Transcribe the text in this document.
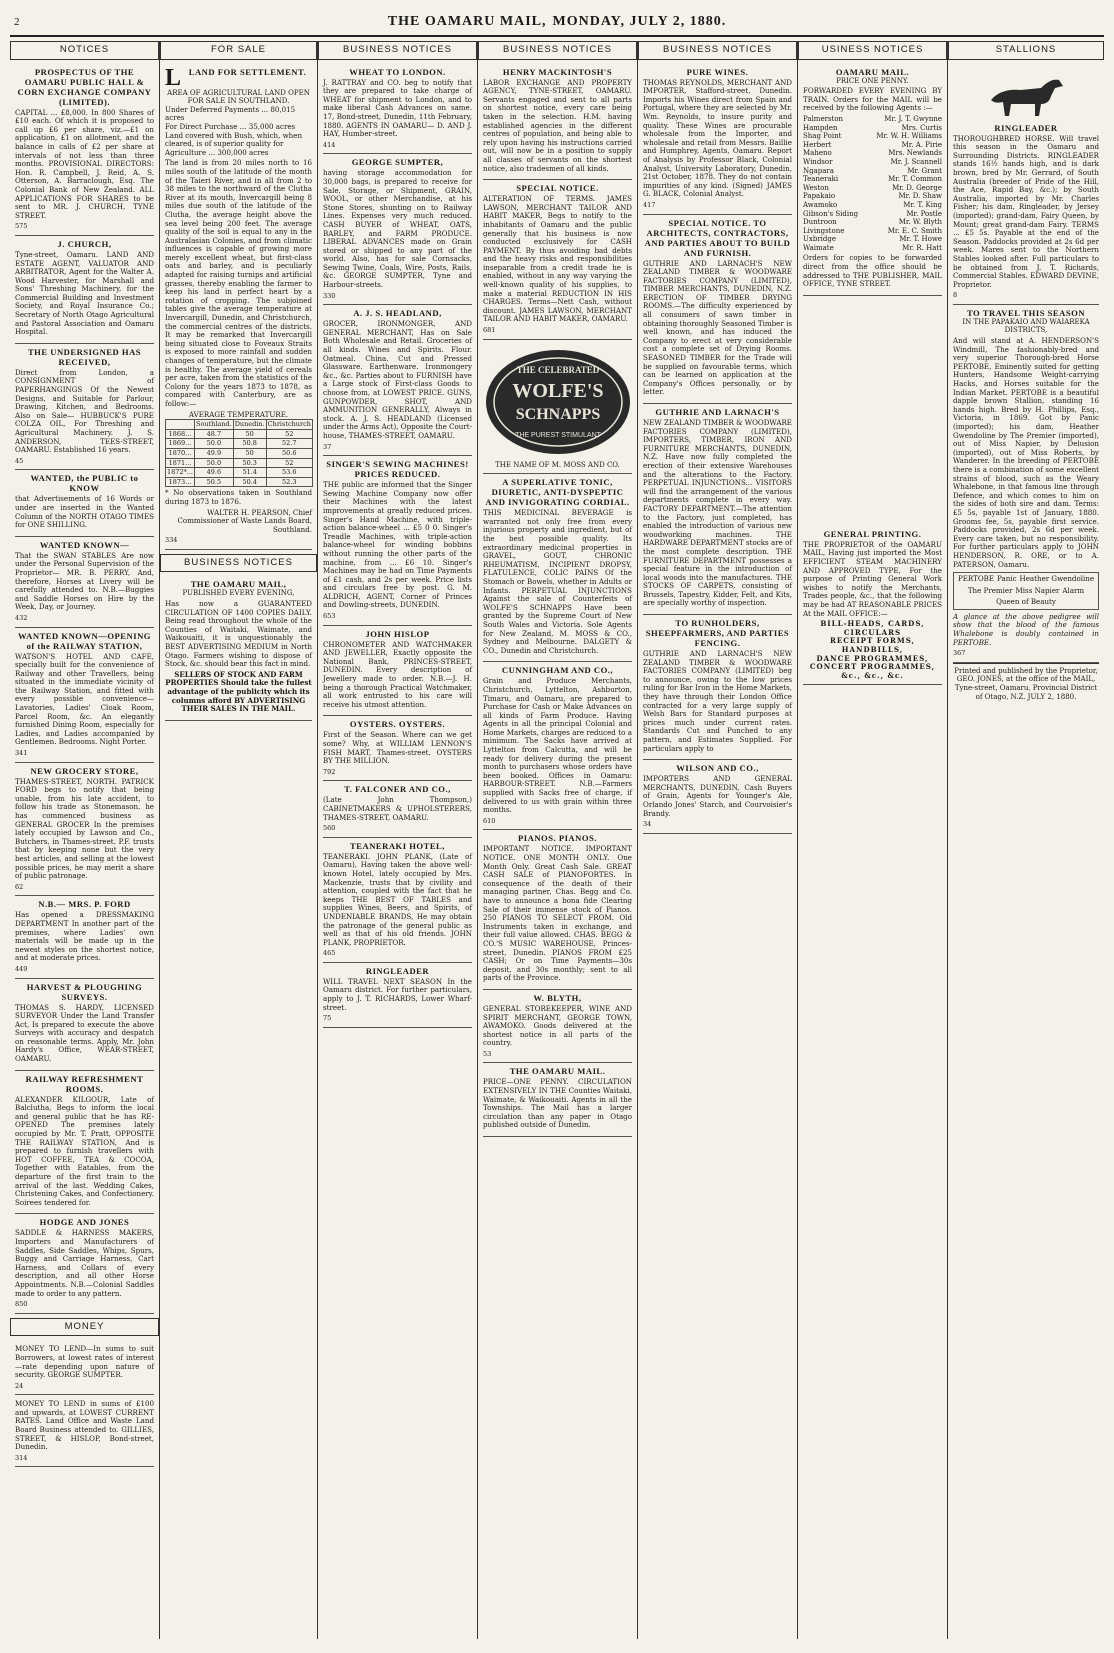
2	THE OAMARU MAIL, MONDAY, JULY 2, 1880.
NOTICES
PROSPECTUS OF THE OAMARU PUBLIC HALL & CORN EXCHANGE COMPANY (LIMITED).

CAPITAL ... £8,000. In 800 Shares of £10 each. Of which it is proposed to call up £6 per share, viz.—£1 on application, £1 on allotment, and the balance in calls of £2 per share at intervals of not less than three months. PROVISIONAL DIRECTORS: Hon. R. Campbell, J. Reid, A. S. Otterson, A. Barraclough, Esq. The Colonial Bank of New Zealand. ALL APPLICATIONS FOR SHARES to be sent to MR. J. CHURCH, TYNE STREET.

575
J. CHURCH,

Tyne-street, Oamaru. LAND AND ESTATE AGENT, VALUATOR AND ARBITRATOR, Agent for the Walter A. Wood Harvester, for Marshall and Sons' Threshing Machinery, for the Commercial Building and Investment Society, and Royal Insurance Co.; Secretary of North Otago Agricultural and Pastoral Association and Oamaru Hospital.

THE UNDERSIGNED HAS RECEIVED,

Direct from London, a CONSIGNMENT of PAPERHANGINGS Of the Newest Designs, and Suitable for Parlour, Drawing, Kitchen, and Bedrooms. Also on Sale— HUBBUCK'S PURE COLZA OIL, For Threshing and Agricultural Machinery. J. S. ANDERSON, TEES-STREET, OAMARU. Established 16 years.

45
WANTED, the PUBLIC to KNOW

that Advertisements of 16 Words or under are inserted in the Wanted Column of the NORTH OTAGO TIMES for ONE SHILLING.

WANTED KNOWN—

That the SWAN STABLES Are now under the Personal Supervision of the Proprietor— MR. B. PERRY, And, therefore, Horses at Livery will be carefully attended to. N.B.—Buggies and Saddle Horses on Hire by the Week, Day, or Journey.

432
WANTED KNOWN—OPENING of the RAILWAY STATION,

WATSON'S HOTEL AND CAFE, specially built for the convenience of Railway and other Travellers, being situated in the immediate vicinity of the Railway Station, and fitted with every possible convenience—Lavatories, Ladies' Cloak Room, Parcel Room, &c. An elegantly furnished Dining Room, especially for Ladies, and Ladies accompanied by Gentlemen. Bedrooms. Night Porter.

341
NEW GROCERY STORE,

THAMES-STREET, NORTH. PATRICK FORD begs to notify that being unable, from his late accident, to follow his trade as Stonemason, he has commenced business as GENERAL GROCER In the premises lately occupied by Lawson and Co., Butchers, in Thames-street. P.F. trusts that by keeping none but the very best articles, and selling at the lowest possible prices, he may merit a share of public patronage.

62
N.B.— MRS. P. FORD

Has opened a DRESSMAKING DEPARTMENT In another part of the premises, where Ladies' own materials will be made up in the newest styles on the shortest notice, and at moderate prices.

449
HARVEST & PLOUGHING SURVEYS.

THOMAS S. HARDY, LICENSED SURVEYOR Under the Land Transfer Act, Is prepared to execute the above Surveys with accuracy and despatch on reasonable terms. Apply, Mr. John Hardy's Office, WEAR-STREET, OAMARU.

RAILWAY REFRESHMENT ROOMS.

ALEXANDER KILGOUR, Late of Balclutha, Begs to inform the local and general public that he has RE-OPENED The premises lately occupied by Mr. T. Pratt, OPPOSITE THE RAILWAY STATION, And is prepared to furnish travellers with HOT COFFEE, TEA & COCOA, Together with Eatables, from the departure of the first train to the arrival of the last. Wedding Cakes, Christening Cakes, and Confectionery. Soirees tendered for.

HODGE AND JONES

SADDLE & HARNESS MAKERS, Importers and Manufacturers of Saddles, Side Saddles, Whips, Spurs, Buggy and Carriage Harness, Cart Harness, and Collars of every description, and all other Horse Appointments. N.B.—Colonial Saddles made to order to any pattern.

850
MONEY

MONEY TO LEND—In sums to suit Borrowers, at lowest rates of interest—rate depending upon nature of security. GEORGE SUMPTER.

24

MONEY TO LEND in sums of £100 and upwards, at LOWEST CURRENT RATES. Land Office and Waste Land Board Business attended to. GILLIES, STREET, & HISLOP, Bond-street, Dunedin.

314
FOR SALE
L LAND FOR SETTLEMENT.
AREA OF AGRICULTURAL LAND OPEN FOR SALE IN SOUTHLAND.
Under Deferred Payments ... 80,015 acres
For Direct Purchase ... 35,000 acres
Land covered with Bush, which, when cleared, is of superior quality for Agriculture ... 300,000 acres

The land is from 20 miles north to 16 miles south of the latitude of the month of the Taieri River, and in all from 2 to 38 miles to the northward of the Clutha River at its mouth, Invercargill being 8 miles due south of the latitude of the Clutha, the average height above the sea level being 200 feet. The average quality of the soil is equal to any in the Australasian Colonies, and from climatic influences is capable of growing more merely excellent wheat, but first-class oats and barley, and is peculiarly adapted for raising turnips and artificial grasses, thereby enabling the farmer to keep his land in perfect heart by a rotation of cropping. The subjoined tables give the average temperature at Invercargill, Dunedin, and Christchurch, the commercial centres of the districts. It may be remarked that Invercargill being situated close to Foveaux Straits is exposed to more rainfall and sudden changes of temperature, but the climate is healthy. The average yield of cereals per acre, taken from the statistics of the Colony for the years 1873 to 1878, as compared with Canterbury, are as follow:—

AVERAGE TEMPERATURE.
	Southland.	Dunedin.	Christchurch
1868...	48.7	50	52
1869...	50.0	50.8	52.7
1870...	49.9	50	50.6
1871...	50.0	50.3	52
1872*...	49.6	51.4	53.6
1873...	50.5	50.4	52.3

* No observations taken in Southland during 1873 to 1876.

WALTER H. PEARSON, Chief Commissioner of Waste Lands Board, Southland.

334
BUSINESS NOTICES
THE OAMARU MAIL,
PUBLISHED EVERY EVENING,

Has now a GUARANTEED CIRCULATION OF 1400 COPIES DAILY. Being read throughout the whole of the Counties of Waitaki, Waimate, and Waikouaiti, it is unquestionably the BEST ADVERTISING MEDIUM in North Otago. Farmers wishing to dispose of Stock, &c. should bear this fact in mind.

SELLERS OF STOCK AND FARM PROPERTIES Should take the fullest advantage of the publicity which its columns afford BY ADVERTISING THEIR SALES IN THE MAIL.

BUSINESS NOTICES
WHEAT TO LONDON.

J. RATTRAY and CO. beg to notify that they are prepared to take charge of WHEAT for shipment to London, and to make liberal Cash Advances on same. 17, Bond-street, Dunedin, 11th February, 1880. AGENTS IN OAMARU— D. AND J. HAY, Humber-street.

414
GEORGE SUMPTER,

having storage accommodation for 30,000 bags, is prepared to receive for Sale, Storage, or Shipment, GRAIN, WOOL, or other Merchandise, at his Stone Stores, shunting on to Railway Lines. Expenses very much reduced. CASH BUYER of WHEAT, OATS, BARLEY, and FARM PRODUCE. LIBERAL ADVANCES made on Grain stored or shipped to any part of the world. Also, has for sale Cornsacks, Sewing Twine, Coals, Wire, Posts, Rails, &c. GEORGE SUMPTER, Tyne and Harbour-streets.

330
A. J. S. HEADLAND,

GROCER, IRONMONGER, AND GENERAL MERCHANT, Has on Sale Both Wholesale and Retail. Groceries of all kinds. Wines and Spirits. Flour. Oatmeal. China. Cut and Pressed Glassware. Earthenware. Ironmongery &c., &c. Parties about to FURNISH have a Large stock of First-class Goods to choose from, at LOWEST PRICE. GUNS, GUNPOWDER, SHOT, AND AMMUNITION GENERALLY, Always in stock. A. J. S. HEADLAND (Licensed under the Arms Act), Opposite the Court-house, THAMES-STREET, OAMARU.

37
SINGER'S SEWING MACHINES! PRICES REDUCED.

THE public are informed that the Singer Sewing Machine Company now offer their Machines with the latest improvements at greatly reduced prices. Singer's Hand Machine, with triple-action balance-wheel ... £5 0 0. Singer's Treadle Machines, with triple-action balance-wheel for winding bobbins without running the other parts of the machine, from ... £6 10. Singer's Machines may be had on Time Payments of £1 cash, and 2s per week. Price lists and circulars free by post. G. M. ALDRICH, AGENT, Corner of Princes and Dowling-streets, DUNEDIN.

653
JOHN HISLOP

CHRONOMETER AND WATCHMAKER AND JEWELLER, Exactly opposite the National Bank, PRINCES-STREET, DUNEDIN. Every description of Jewellery made to order. N.B.—J. H. being a thorough Practical Watchmaker, all work entrusted to his care will receive his utmost attention.

OYSTERS. OYSTERS.

First of the Season. Where can we get some? Why, at WILLIAM LENNON'S FISH MART, Thames-street. OYSTERS BY THE MILLION.

792
T. FALCONER AND CO.,

(Late John Thompson,) CABINETMAKERS & UPHOLSTERERS, THAMES-STREET, OAMARU.

560
TEANERAKI HOTEL,

TEANERAKI. JOHN PLANK, (Late of Oamaru), Having taken the above well-known Hotel, lately occupied by Mrs. Mackenzie, trusts that by civility and attention, coupled with the fact that he keeps THE BEST OF TABLES and supplies Wines, Beers, and Spirits, of UNDENIABLE BRANDS, He may obtain the patronage of the general public as well as that of his old friends. JOHN PLANK, PROPRIETOR.

465
RINGLEADER

WILL TRAVEL NEXT SEASON In the Oamaru district. For further particulars, apply to J. T. RICHARDS, Lower Wharf-street.

75
BUSINESS NOTICES
HENRY MACKINTOSH'S

LABOR EXCHANGE AND PROPERTY AGENCY, TYNE-STREET, OAMARU. Servants engaged and sent to all parts on shortest notice, every care being taken in the selection. H.M. having established agencies in the different centres of population, and being able to rely upon having his instructions carried out, will now be in a position to supply all classes of servants on the shortest notice, also tradesmen of all kinds.

SPECIAL NOTICE.

ALTERATION OF TERMS. JAMES LAWSON, MERCHANT TAILOR AND HABIT MAKER, Begs to notify to the inhabitants of Oamaru and the public generally that his business is now conducted exclusively for CASH PAYMENT. By thus avoiding bad debts and the heavy risks and responsibilities inseparable from a credit trade he is enabled, without in any way varying the well-known quality of his supplies, to make a material REDUCTION IN HIS CHARGES. Terms—Nett Cash, without discount. JAMES LAWSON, MERCHANT TAILOR AND HABIT MAKER, OAMARU.

681
THE CELEBRATED
WOLFE'S
SCHNAPPS
THE PUREST STIMULANT
THE NAME OF M. MOSS AND CO.
A SUPERLATIVE TONIC, DIURETIC, ANTI-DYSPEPTIC AND INVIGORATING CORDIAL.

THIS MEDICINAL BEVERAGE is warranted not only free from every injurious property and ingredient, but of the best possible quality. Its extraordinary medicinal properties in GRAVEL, GOUT, CHRONIC RHEUMATISM, INCIPIENT DROPSY, FLATULENCE, COLIC PAINS Of the Stomach or Bowels, whether in Adults or Infants. PERPETUAL INJUNCTIONS Against the sale of Counterfeits of WOLFE'S SCHNAPPS Have been granted by the Supreme Court of New South Wales and Victoria. Sole Agents for New Zealand, M. MOSS & CO., Sydney and Melbourne. DALGETY & CO., Dunedin and Christchurch.

CUNNINGHAM AND CO.,

Grain and Produce Merchants, Christchurch, Lyttelton, Ashburton, Timaru, and Oamaru, are prepared to Purchase for Cash or Make Advances on all kinds of Farm Produce. Having Agents in all the principal Colonial and Home Markets, charges are reduced to a minimum. The Sacks have arrived at Lyttelton from Calcutta, and will be ready for delivery during the present month to purchasers whose orders have been booked. Offices in Oamaru: HARBOUR-STREET. N.B.—Farmers supplied with Sacks free of charge, if delivered to us with grain within three months.

610
PIANOS. PIANOS.

IMPORTANT NOTICE. IMPORTANT NOTICE. ONE MONTH ONLY. One Month Only. Great Cash Sale. GREAT CASH SALE of PIANOFORTES. In consequence of the death of their managing partner, Chas. Begg and Co. have to announce a bona fide Clearing Sale of their immense stock of Pianos. 250 PIANOS TO SELECT FROM. Old Instruments taken in exchange, and their full value allowed. CHAS. BEGG & CO.'S MUSIC WAREHOUSE, Princes-street, Dunedin. PIANOS FROM £25 CASH; Or on Time Payments—30s deposit, and 30s monthly; sent to all parts of the Province.

W. BLYTH,

GENERAL STOREKEEPER, WINE AND SPIRIT MERCHANT, GEORGE TOWN, AWAMOKO. Goods delivered at the shortest notice in all parts of the country.

53
THE OAMARU MAIL.

PRICE—ONE PENNY. CIRCULATION EXTENSIVELY IN THE Counties Waitaki, Waimate, & Waikouaiti. Agents in all the Townships. The Mail has a larger circulation than any paper in Otago published outside of Dunedin.

BUSINESS NOTICES
PURE WINES.

THOMAS REYNOLDS, MERCHANT AND IMPORTER, Stafford-street, Dunedin. Imports his Wines direct from Spain and Portugal, where they are selected by Mr. Wm. Reynolds, to insure purity and quality. These Wines are procurable wholesale from the Importer, and wholesale and retail from Messrs. Baillie and Humphrey, Agents, Oamaru. Report of Analysis by Professor Black, Colonial Analyst, University Laboratory, Dunedin, 21st October, 1878. They do not contain impurities of any kind. (Signed) JAMES G. BLACK, Colonial Analyst.

417
SPECIAL NOTICE. TO ARCHITECTS, CONTRACTORS, AND PARTIES ABOUT TO BUILD AND FURNISH.

GUTHRIE AND LARNACH'S NEW ZEALAND TIMBER & WOODWARE FACTORIES COMPANY (LIMITED), TIMBER MERCHANTS, DUNEDIN, N.Z. ERECTION OF TIMBER DRYING ROOMS.—The difficulty experienced by all consumers of sawn timber in obtaining thoroughly Seasoned Timber is well known, and has induced the Company to erect at very considerable cost a complete set of Drying Rooms. SEASONED TIMBER for the Trade will be supplied on favourable terms, which can be learned on application at the Company's Offices personally, or by letter.

GUTHRIE AND LARNACH'S

NEW ZEALAND TIMBER & WOODWARE FACTORIES COMPANY (LIMITED), IMPORTERS, TIMBER, IRON AND FURNITURE MERCHANTS, DUNEDIN, N.Z. Have now fully completed the erection of their extensive Warehouses and the alterations to the Factory. PERPETUAL INJUNCTIONS... VISITORS will find the arrangement of the various departments complete in every way. FACTORY DEPARTMENT.—The attention to the Factory, just completed, has enabled the introduction of various new woodworking machines. THE HARDWARE DEPARTMENT stocks are of the most complete description. THE FURNITURE DEPARTMENT possesses a special feature in the introduction of local woods into the manufactures. THE STOCKS OF CARPETS, consisting of Brussels, Tapestry, Kidder, Felt, and Kits, are specially worthy of inspection.

TO RUNHOLDERS, SHEEPFARMERS, AND PARTIES FENCING.

GUTHRIE AND LARNACH'S NEW ZEALAND TIMBER & WOODWARE FACTORIES COMPANY (LIMITED) beg to announce, owing to the low prices ruling for Bar Iron in the Home Markets, they have through their London Office contracted for a very large supply of Welsh Bars for Standard purposes at prices much under current rates. Standards Cut and Punched to any pattern, and Estimates Supplied. For particulars apply to

WILSON AND CO.,

IMPORTERS AND GENERAL MERCHANTS, DUNEDIN, Cash Buyers of Grain, Agents for Younger's Ale, Orlando Jones' Starch, and Courvoisier's Brandy.

34
USINESS NOTICES
OAMARU MAIL.
PRICE ONE PENNY.

FORWARDED EVERY EVENING BY TRAIN. Orders for the MAIL will be received by the following Agents :—

Palmerston	Mr. J. T. Gwynne
Hampden	Mrs. Curtis
Shag Point	Mr. W. H. Williams
Herbert	Mr. A. Pirie
Maheno	Mrs. Newlands
Windsor	Mr. J. Scannell
Ngapara	Mr. Grant
Teaneraki	Mr. T. Common
Weston	Mr. D. George
Papakaio	Mr. D. Shaw
Awamoko	Mr. T. King
Gibson's Siding	Mr. Postle
Duntroon	Mr. W. Blyth
Livingstone	Mr. E. C. Smith
Uxbridge	Mr. T. Howe
Waimate	Mr. R. Hatt

Orders for copies to be forwarded direct from the office should be addressed to THE PUBLISHER, MAIL OFFICE, TYNE STREET.

GENERAL PRINTING.

THE PROPRIETOR of the OAMARU MAIL, Having just imported the Most EFFICIENT STEAM MACHINERY AND APPROVED TYPE, For the purpose of Printing General Work wishes to notify the Merchants, Trades people, &c., that the following may be had AT REASONABLE PRICES At the MAIL OFFICE:—

BILL-HEADS, CARDS, CIRCULARS
RECEIPT FORMS,
HANDBILLS,
DANCE PROGRAMMES,
CONCERT PROGRAMMES,
&c., &c., &c.
STALLIONS
RINGLEADER

THOROUGHBRED HORSE. Will travel this season in the Oamaru and Surrounding Districts. RINGLEADER stands 16½ hands high, and is dark brown, bred by Mr. Gerrard, of South Australia (breeder of Pride of the Hill, the Ace, Rapid Bay, &c.); by South Australia, imported by Mr. Charles Fisher; his dam, Ringleader, by Jersey (imported); grand-dam, Fairy Queen, by Mount; great grand-dam Fairy. TERMS ... £5 5s. Payable at the end of the Season. Paddocks provided at 2s 6d per week. Mares sent to the Northern Stables looked after. Full particulars to be obtained from J. T. Richards, Commercial Stables. EDWARD DEVINE, Proprietor.

8
TO TRAVEL THIS SEASON
IN THE PAPAKAIO AND WAIAREKA DISTRICTS,

And will stand at A. HENDERSON'S Windmill, The fashionably-bred and very superior Thorough-bred Horse PERTOBE, Eminently suited for getting Hunters, Handsome Weight-carrying Hacks, and Horses suitable for the Indian Market. PERTOBE is a beautiful dapple brown Stallion, standing 16 hands high. Bred by H. Phillips, Esq., Victoria, in 1869. Got by Panic (imported); his dam, Heather Gwendoline by The Premier (imported), out of Miss Napier, by Delusion (imported), out of Miss Roberts, by Wanderer. In the breeding of PERTOBE there is a combination of some excellent strains of blood, such as the Weary Whalebone, in that famous line through Defence, and which comes to him on the sides of both sire and dam. Terms: £5 5s, payable 1st of January, 1880. Grooms fee, 5s, payable first service. Paddocks provided, 2s 6d per week. Every care taken, but no responsibility. For further particulars apply to JOHN HENDERSON, R. ORE, or to A. PATERSON, Oamaru.

PERTOBE Panic Heather Gwendoline
The Premier Miss Napier Alarm
Queen of Beauty

A glance at the above pedigree will show that the blood of the famous Whalebone is doubly contained in PERTOBE.

367
Printed and published by the Proprietor, GEO. JONES, at the office of the MAIL, Tyne-street, Oamaru, Provincial District of Otago, N.Z. JULY 2, 1880.
